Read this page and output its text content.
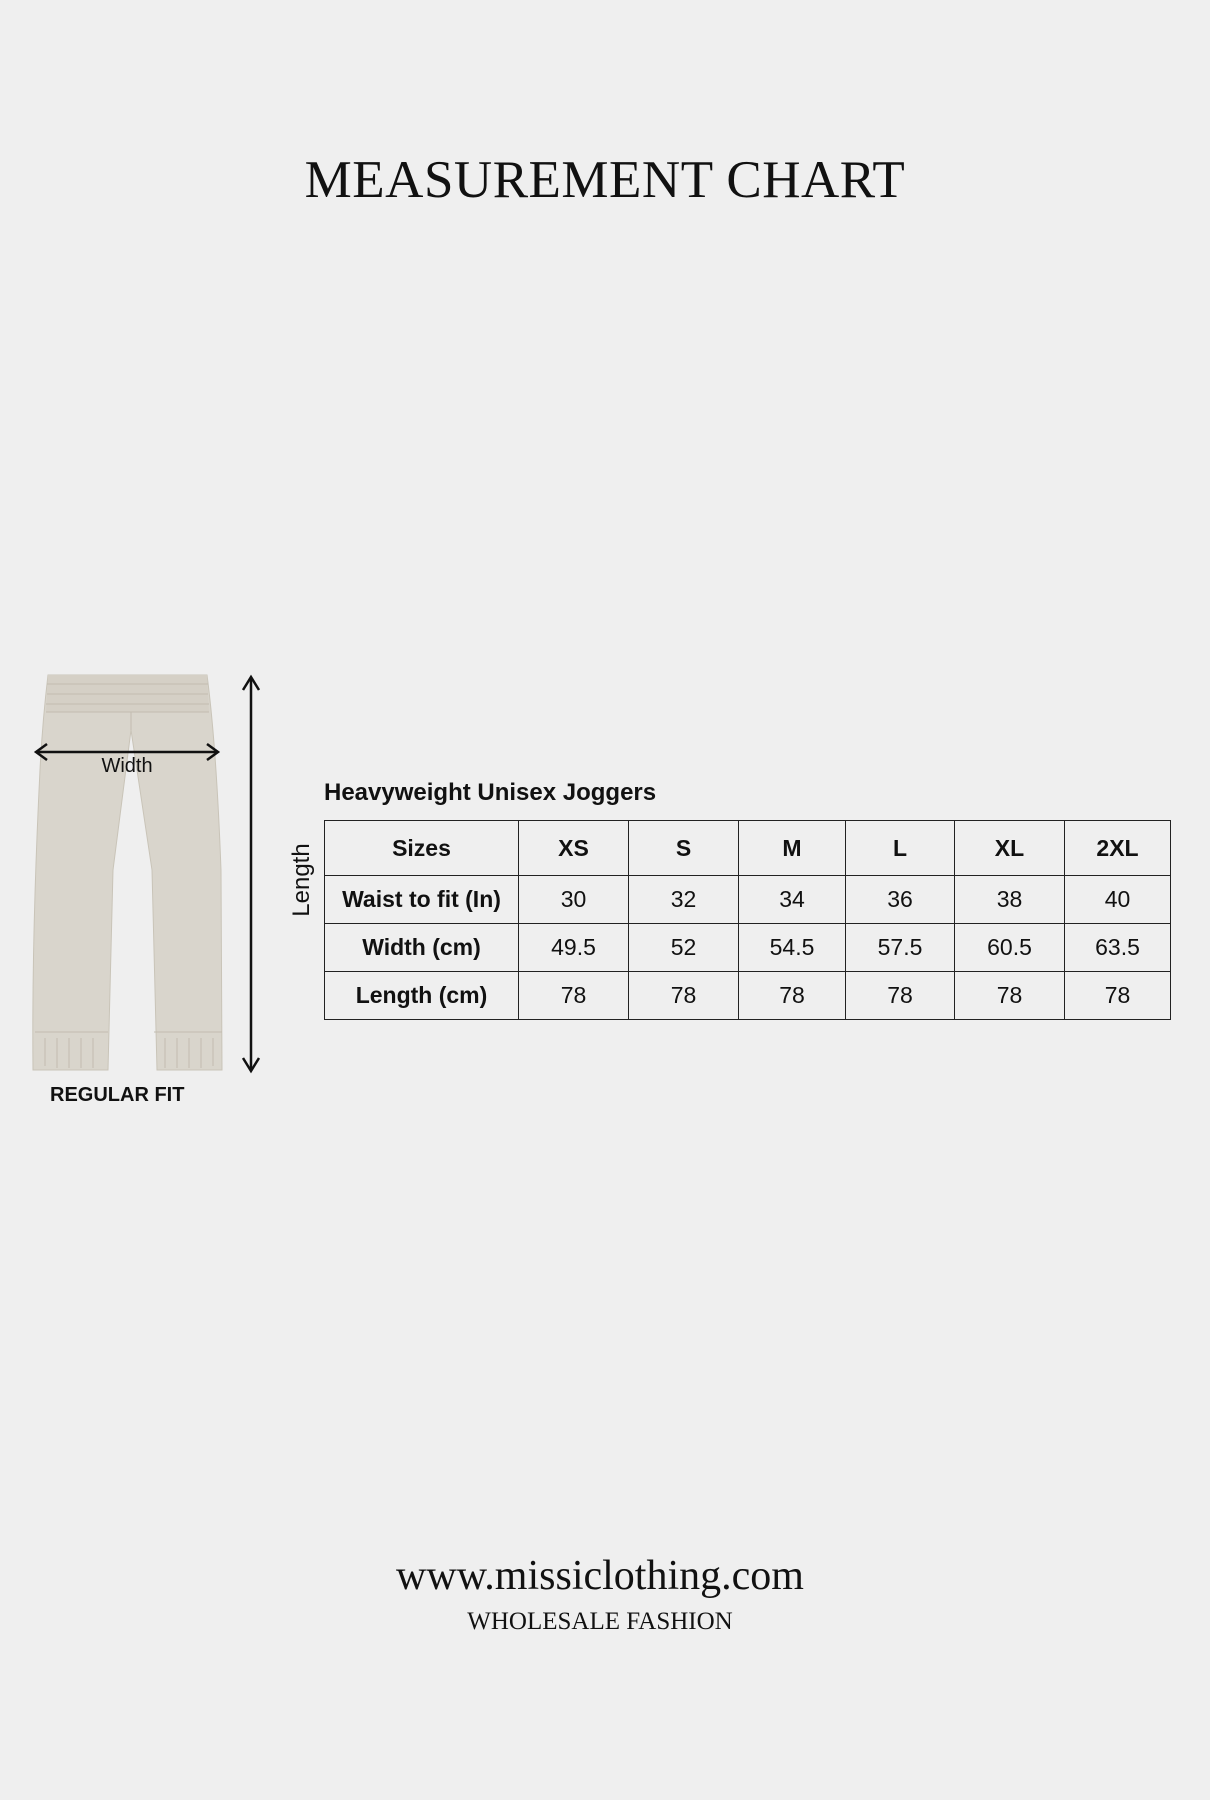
MEASUREMENT CHART
Width
Length
REGULAR FIT
Heavyweight Unisex Joggers
Sizes	XS	S	M	L	XL	2XL
Waist to fit (In)	30	32	34	36	38	40
Width (cm)	49.5	52	54.5	57.5	60.5	63.5
Length (cm)	78	78	78	78	78	78
www.missiclothing.com
WHOLESALE FASHION
